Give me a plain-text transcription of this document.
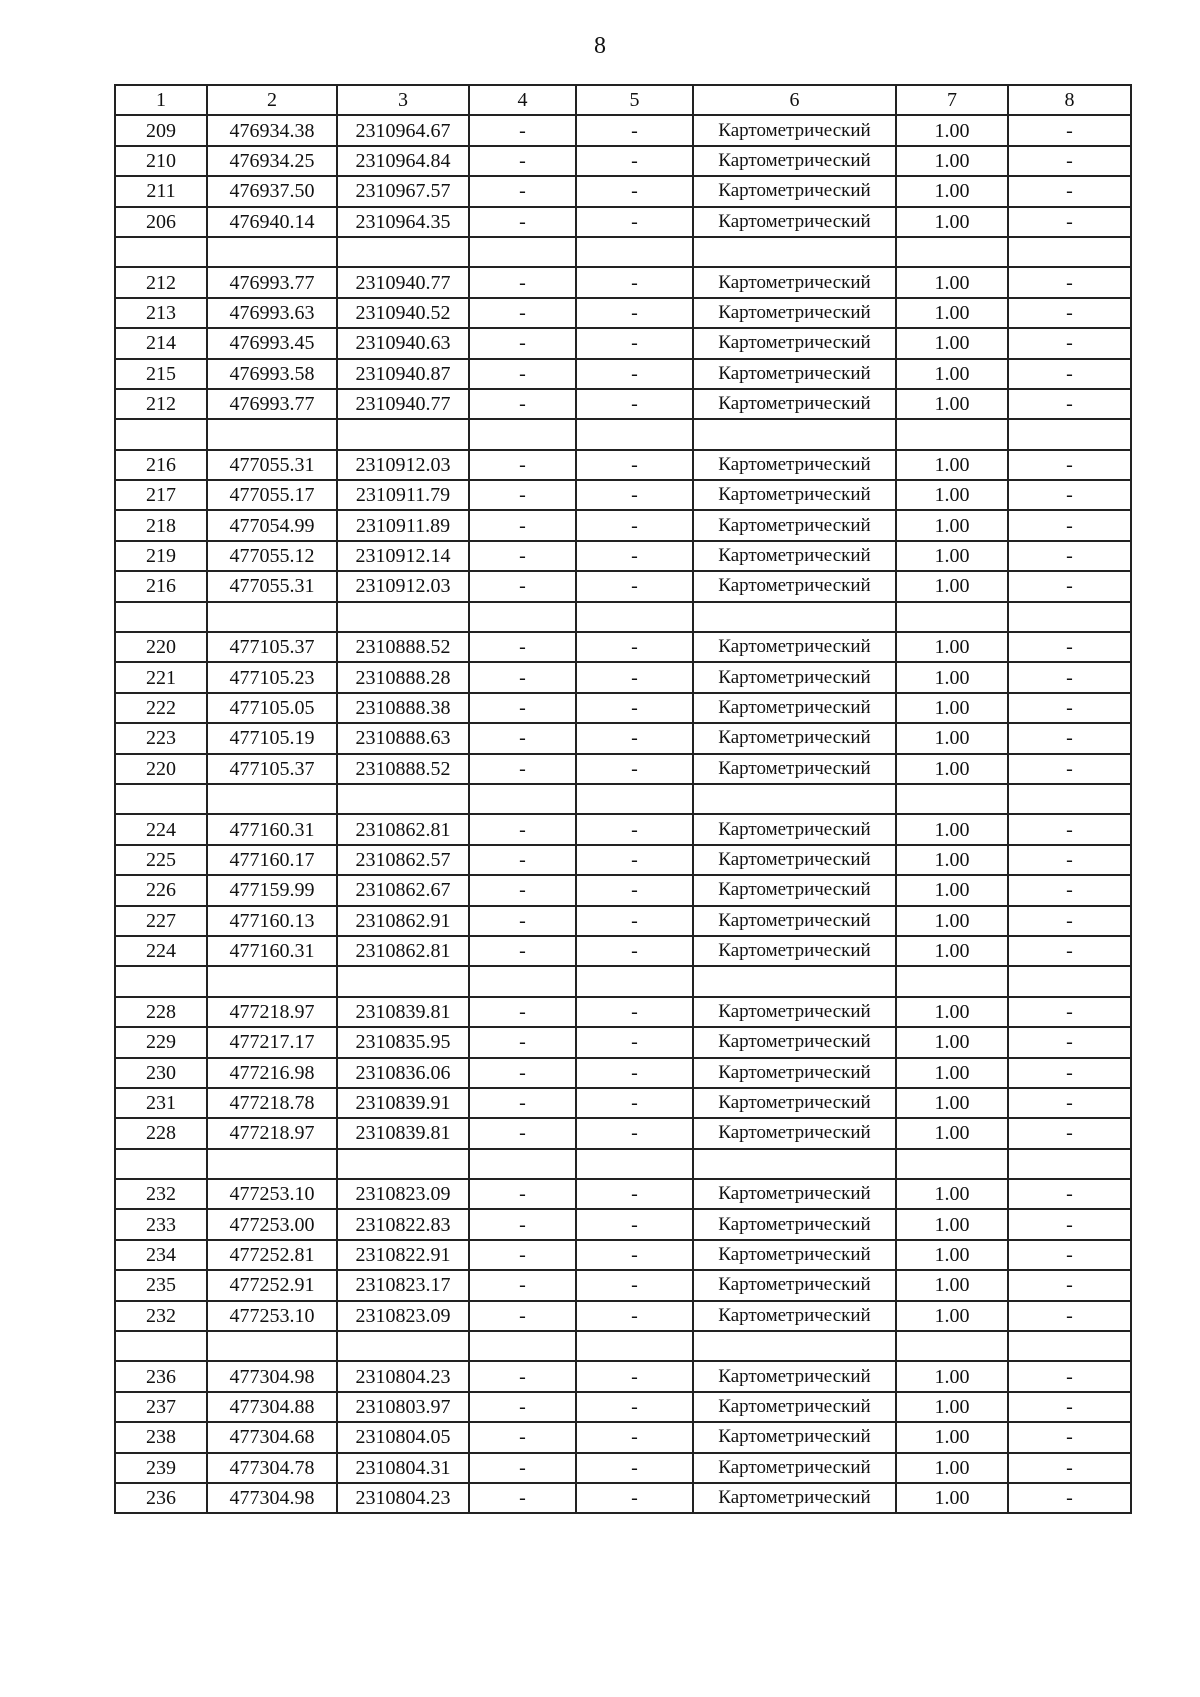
8
1	2	3	4	5	6	7	8
209	476934.38	2310964.67	-	-	Картометрический	1.00	-
210	476934.25	2310964.84	-	-	Картометрический	1.00	-
211	476937.50	2310967.57	-	-	Картометрический	1.00	-
206	476940.14	2310964.35	-	-	Картометрический	1.00	-

212	476993.77	2310940.77	-	-	Картометрический	1.00	-
213	476993.63	2310940.52	-	-	Картометрический	1.00	-
214	476993.45	2310940.63	-	-	Картометрический	1.00	-
215	476993.58	2310940.87	-	-	Картометрический	1.00	-
212	476993.77	2310940.77	-	-	Картометрический	1.00	-

216	477055.31	2310912.03	-	-	Картометрический	1.00	-
217	477055.17	2310911.79	-	-	Картометрический	1.00	-
218	477054.99	2310911.89	-	-	Картометрический	1.00	-
219	477055.12	2310912.14	-	-	Картометрический	1.00	-
216	477055.31	2310912.03	-	-	Картометрический	1.00	-

220	477105.37	2310888.52	-	-	Картометрический	1.00	-
221	477105.23	2310888.28	-	-	Картометрический	1.00	-
222	477105.05	2310888.38	-	-	Картометрический	1.00	-
223	477105.19	2310888.63	-	-	Картометрический	1.00	-
220	477105.37	2310888.52	-	-	Картометрический	1.00	-

224	477160.31	2310862.81	-	-	Картометрический	1.00	-
225	477160.17	2310862.57	-	-	Картометрический	1.00	-
226	477159.99	2310862.67	-	-	Картометрический	1.00	-
227	477160.13	2310862.91	-	-	Картометрический	1.00	-
224	477160.31	2310862.81	-	-	Картометрический	1.00	-

228	477218.97	2310839.81	-	-	Картометрический	1.00	-
229	477217.17	2310835.95	-	-	Картометрический	1.00	-
230	477216.98	2310836.06	-	-	Картометрический	1.00	-
231	477218.78	2310839.91	-	-	Картометрический	1.00	-
228	477218.97	2310839.81	-	-	Картометрический	1.00	-

232	477253.10	2310823.09	-	-	Картометрический	1.00	-
233	477253.00	2310822.83	-	-	Картометрический	1.00	-
234	477252.81	2310822.91	-	-	Картометрический	1.00	-
235	477252.91	2310823.17	-	-	Картометрический	1.00	-
232	477253.10	2310823.09	-	-	Картометрический	1.00	-

236	477304.98	2310804.23	-	-	Картометрический	1.00	-
237	477304.88	2310803.97	-	-	Картометрический	1.00	-
238	477304.68	2310804.05	-	-	Картометрический	1.00	-
239	477304.78	2310804.31	-	-	Картометрический	1.00	-
236	477304.98	2310804.23	-	-	Картометрический	1.00	-
